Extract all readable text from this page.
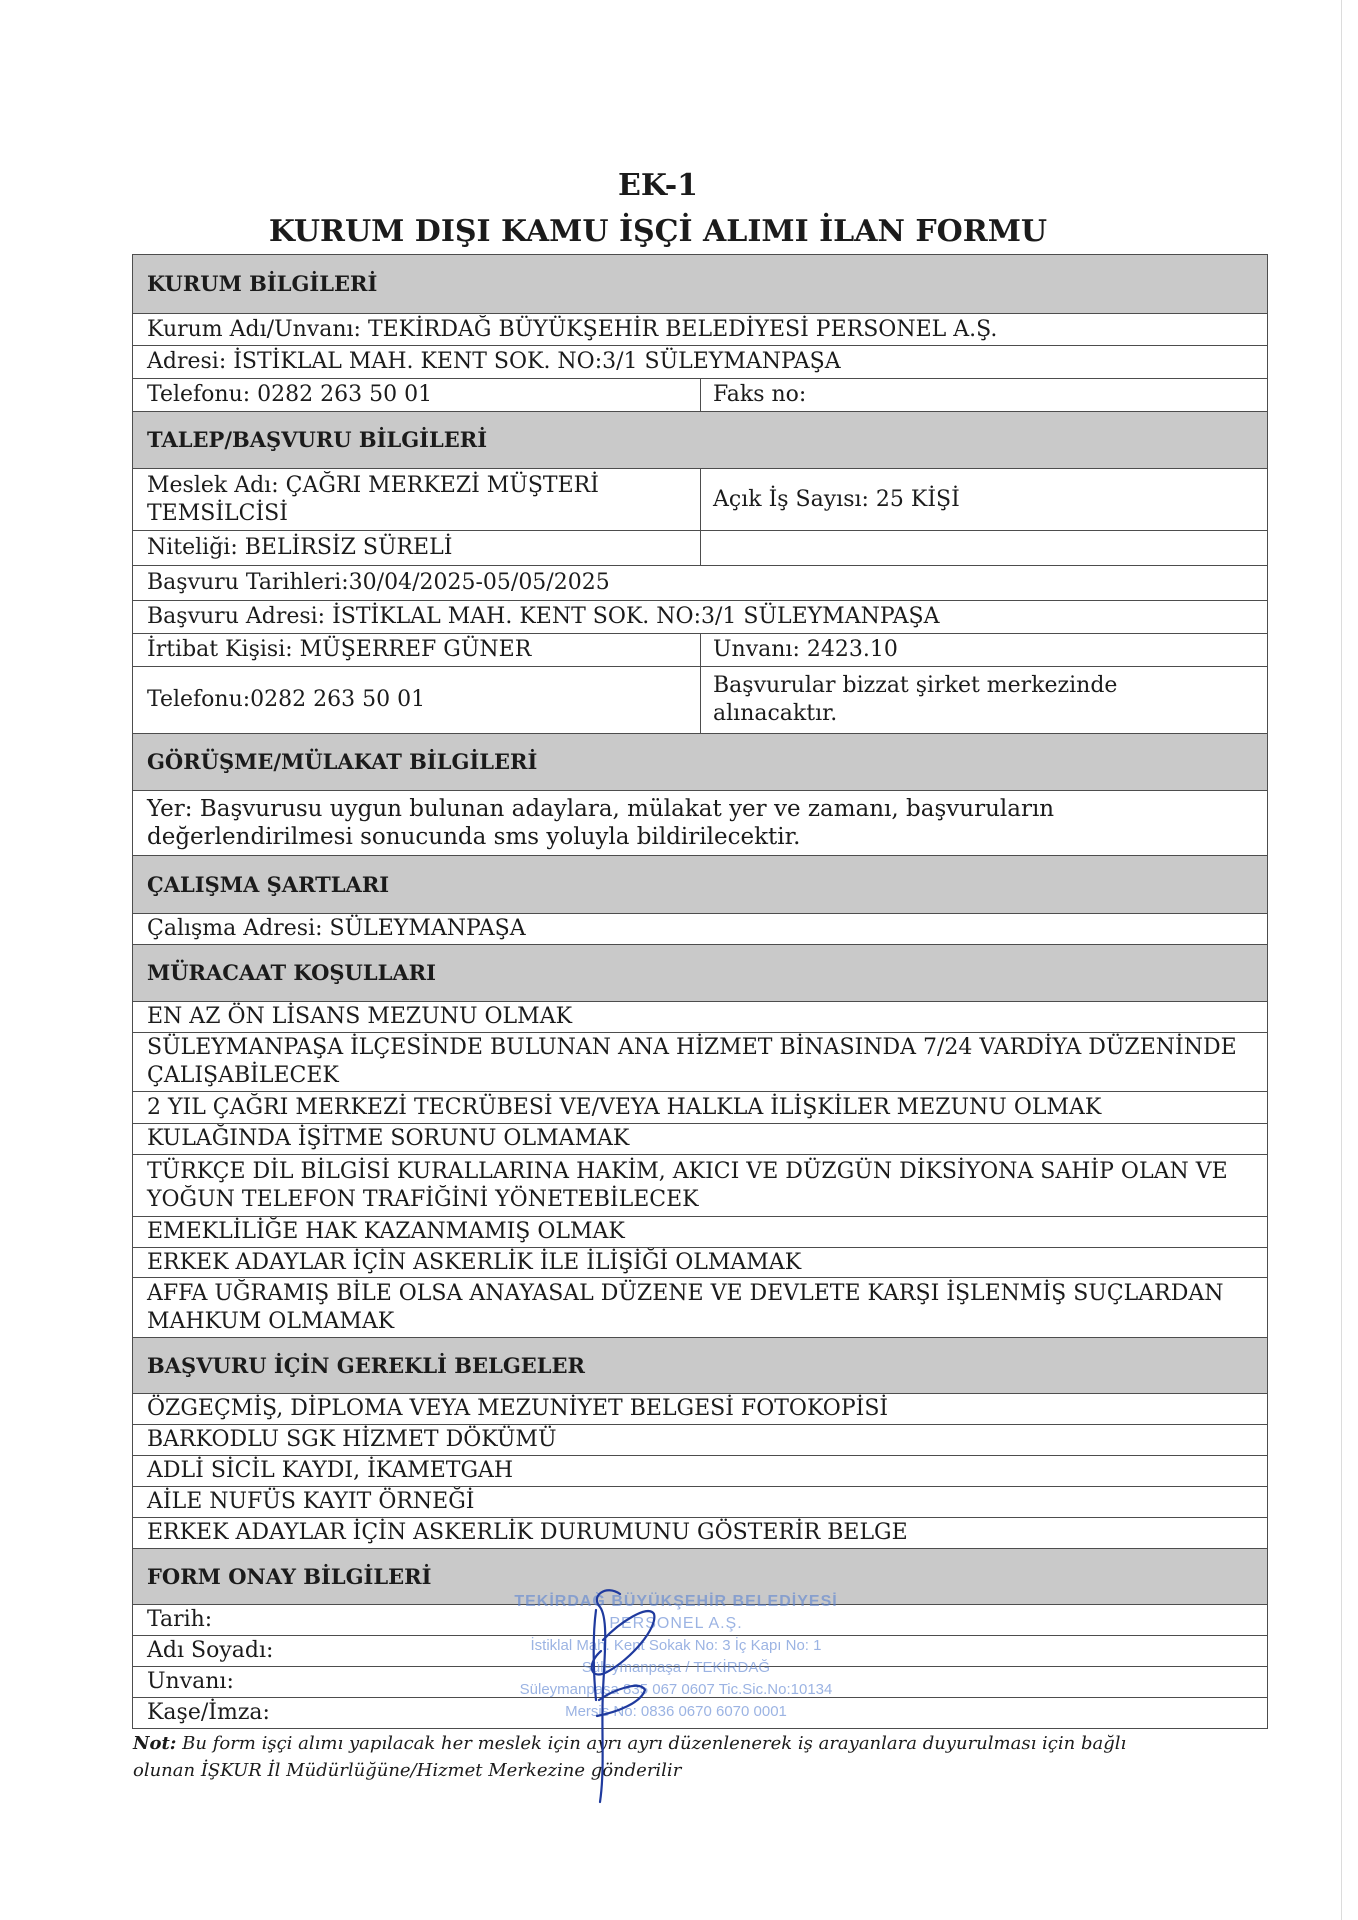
EK-1
KURUM DIŞI KAMU İŞÇİ ALIMI İLAN FORMU
KURUM BİLGİLERİ
Kurum Adı/Unvanı: TEKİRDAĞ BÜYÜKŞEHİR BELEDİYESİ PERSONEL A.Ş.
Adresi: İSTİKLAL MAH. KENT SOK. NO:3/1 SÜLEYMANPAŞA
Telefonu: 0282 263 50 01	Faks no:
TALEP/BAŞVURU BİLGİLERİ
Meslek Adı: ÇAĞRI MERKEZİ MÜŞTERİ TEMSİLCİSİ
Açık İş Sayısı: 25 KİŞİ
Niteliği: BELİRSİZ SÜRELİ
Başvuru Tarihleri:30/04/2025-05/05/2025
Başvuru Adresi: İSTİKLAL MAH. KENT SOK. NO:3/1 SÜLEYMANPAŞA
İrtibat Kişisi: MÜŞERREF GÜNER	Unvanı: 2423.10
Telefonu:0282 263 50 01
Başvurular bizzat şirket merkezinde alınacaktır.
GÖRÜŞME/MÜLAKAT BİLGİLERİ
Yer: Başvurusu uygun bulunan adaylara, mülakat yer ve zamanı, başvuruların değerlendirilmesi sonucunda sms yoluyla bildirilecektir.
ÇALIŞMA ŞARTLARI
Çalışma Adresi: SÜLEYMANPAŞA
MÜRACAAT KOŞULLARI
EN AZ ÖN LİSANS MEZUNU OLMAK
SÜLEYMANPAŞA İLÇESİNDE BULUNAN ANA HİZMET BİNASINDA 7/24 VARDİYA DÜZENİNDE ÇALIŞABİLECEK
2 YIL ÇAĞRI MERKEZİ TECRÜBESİ VE/VEYA HALKLA İLİŞKİLER MEZUNU OLMAK
KULAĞINDA İŞİTME SORUNU OLMAMAK
TÜRKÇE DİL BİLGİSİ KURALLARINA HAKİM, AKICI VE DÜZGÜN DİKSİYONA SAHİP OLAN VE YOĞUN TELEFON TRAFİĞİNİ YÖNETEBİLECEK
EMEKLİLİĞE HAK KAZANMAMIŞ OLMAK
ERKEK ADAYLAR İÇİN ASKERLİK İLE İLİŞİĞİ OLMAMAK
AFFA UĞRAMIŞ BİLE OLSA ANAYASAL DÜZENE VE DEVLETE KARŞI İŞLENMİŞ SUÇLARDAN MAHKUM OLMAMAK
BAŞVURU İÇİN GEREKLİ BELGELER
ÖZGEÇMİŞ, DİPLOMA VEYA MEZUNİYET BELGESİ FOTOKOPİSİ
BARKODLU SGK HİZMET DÖKÜMÜ
ADLİ SİCİL KAYDI, İKAMETGAH
AİLE NUFÜS KAYIT ÖRNEĞİ
ERKEK ADAYLAR İÇİN ASKERLİK DURUMUNU GÖSTERİR BELGE
FORM ONAY BİLGİLERİ
Tarih:
Adı Soyadı:
Unvanı:
Kaşe/İmza:
Not: Bu form işçi alımı yapılacak her meslek için ayrı ayrı düzenlenerek iş arayanlara duyurulması için bağlı olunan İŞKUR İl Müdürlüğüne/Hizmet Merkezine gönderilir
TEKİRDAĞ BÜYÜKŞEHİR BELEDİYESİ
PERSONEL A.Ş.
İstiklal Mah. Kent Sokak No: 3 İç Kapı No: 1
Süleymanpaşa / TEKİRDAĞ
Süleymanpaşa 835 067 0607 Tic.Sic.No:10134
Mersis No: 0836 0670 6070 0001
